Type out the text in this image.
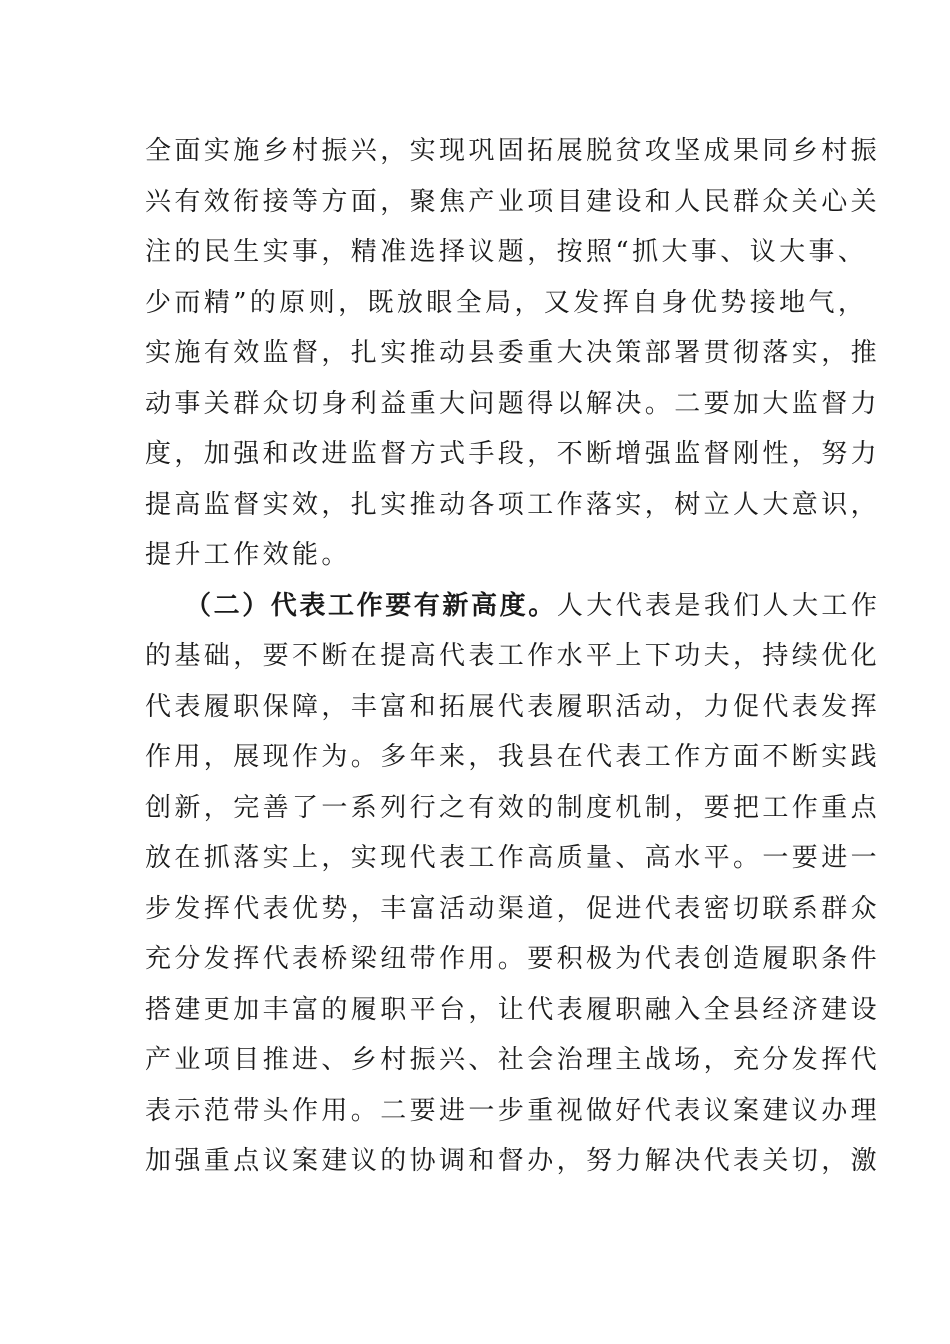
全面实施乡村振兴，实现巩固拓展脱贫攻坚成果同乡村振
兴有效衔接等方面，聚焦产业项目建设和人民群众关心关
注的民生实事，精准选择议题，按照“抓大事、议大事、
少而精”的原则，既放眼全局，又发挥自身优势接地气，
实施有效监督，扎实推动县委重大决策部署贯彻落实，推
动事关群众切身利益重大问题得以解决。二要加大监督力
度，加强和改进监督方式手段，不断增强监督刚性，努力
提高监督实效，扎实推动各项工作落实，树立人大意识，
提升工作效能。
（二）代表工作要有新高度。人大代表是我们人大工作
的基础，要不断在提高代表工作水平上下功夫，持续优化
代表履职保障，丰富和拓展代表履职活动，力促代表发挥
作用，展现作为。多年来，我县在代表工作方面不断实践
创新，完善了一系列行之有效的制度机制，要把工作重点
放在抓落实上，实现代表工作高质量、高水平。一要进一
步发挥代表优势，丰富活动渠道，促进代表密切联系群众
充分发挥代表桥梁纽带作用。要积极为代表创造履职条件
搭建更加丰富的履职平台，让代表履职融入全县经济建设
产业项目推进、乡村振兴、社会治理主战场，充分发挥代
表示范带头作用。二要进一步重视做好代表议案建议办理
加强重点议案建议的协调和督办，努力解决代表关切，激
